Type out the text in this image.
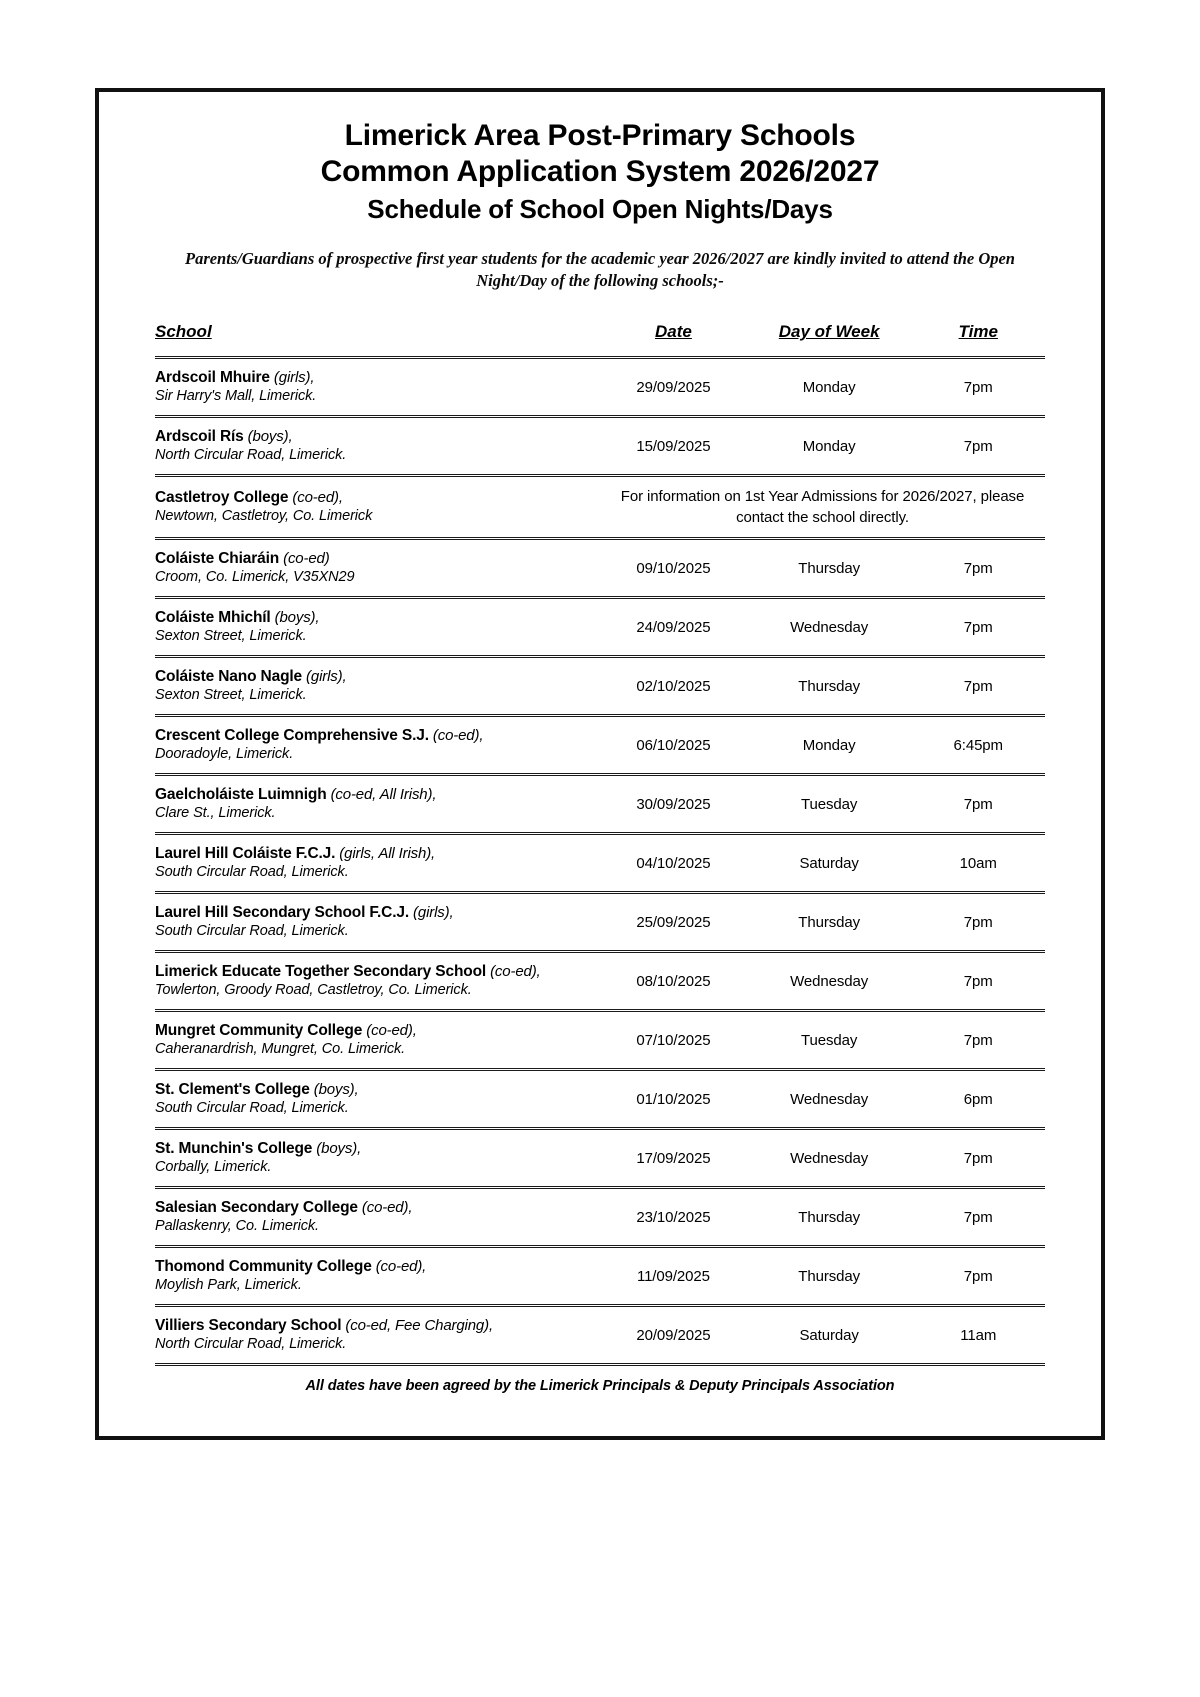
Limerick Area Post-Primary Schools
Common Application System 2026/2027
Schedule of School Open Nights/Days
Parents/Guardians of prospective first year students for the academic year 2026/2027 are kindly invited to attend the Open Night/Day of the following schools;-
School	Date	Day of Week	Time

Ardscoil Mhuire (girls),
Sir Harry's Mall, Limerick.	29/09/2025	Monday	7pm

Ardscoil Rís (boys),
North Circular Road, Limerick.	15/09/2025	Monday	7pm

Castletroy College (co-ed),
Newtown, Castletroy, Co. Limerick	For information on 1st Year Admissions for 2026/2027, please contact the school directly.		

Coláiste Chiaráin (co-ed)
Croom, Co. Limerick, V35XN29	09/10/2025	Thursday	7pm

Coláiste Mhichíl (boys),
Sexton Street, Limerick.	24/09/2025	Wednesday	7pm

Coláiste Nano Nagle (girls),
Sexton Street, Limerick.	02/10/2025	Thursday	7pm

Crescent College Comprehensive S.J. (co-ed),
Dooradoyle, Limerick.	06/10/2025	Monday	6:45pm

Gaelcholáiste Luimnigh (co-ed, All Irish),
Clare St., Limerick.	30/09/2025	Tuesday	7pm

Laurel Hill Coláiste F.C.J. (girls, All Irish),
South Circular Road, Limerick.	04/10/2025	Saturday	10am

Laurel Hill Secondary School F.C.J. (girls),
South Circular Road, Limerick.	25/09/2025	Thursday	7pm

Limerick Educate Together Secondary School (co-ed),
Towlerton, Groody Road, Castletroy, Co. Limerick.	08/10/2025	Wednesday	7pm

Mungret Community College (co-ed),
Caheranardrish, Mungret, Co. Limerick.	07/10/2025	Tuesday	7pm

St. Clement's College (boys),
South Circular Road, Limerick.	01/10/2025	Wednesday	6pm

St. Munchin's College (boys),
Corbally, Limerick.	17/09/2025	Wednesday	7pm

Salesian Secondary College (co-ed),
Pallaskenry, Co. Limerick.	23/10/2025	Thursday	7pm

Thomond Community College (co-ed),
Moylish Park, Limerick.	11/09/2025	Thursday	7pm

Villiers Secondary School (co-ed, Fee Charging),
North Circular Road, Limerick.	20/09/2025	Saturday	11am
All dates have been agreed by the Limerick Principals & Deputy Principals Association
